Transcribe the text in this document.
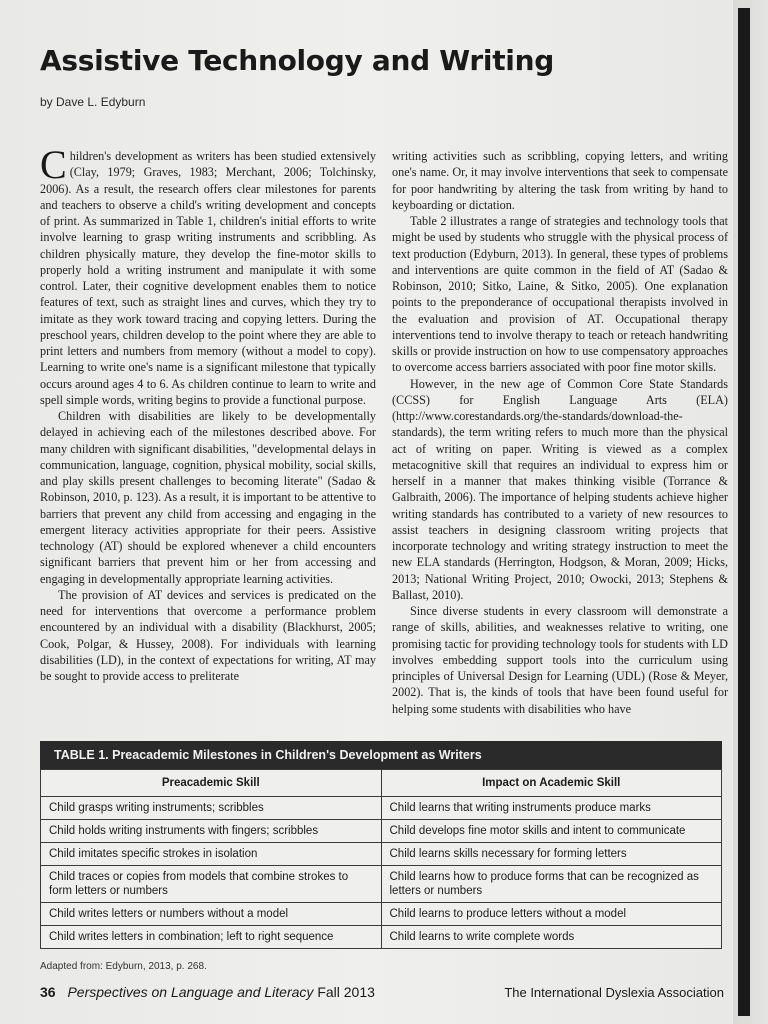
Assistive Technology and Writing
by Dave L. Edyburn

Children's development as writers has been studied extensively (Clay, 1979; Graves, 1983; Merchant, 2006; Tolchinsky, 2006). As a result, the research offers clear milestones for parents and teachers to observe a child's writing development and concepts of print. As summarized in Table 1, children's initial efforts to write involve learning to grasp writing instruments and scribbling. As children physically mature, they develop the fine-motor skills to properly hold a writing instrument and manipulate it with some control. Later, their cognitive development enables them to notice features of text, such as straight lines and curves, which they try to imitate as they work toward tracing and copying letters. During the preschool years, children develop to the point where they are able to print letters and numbers from memory (without a model to copy). Learning to write one's name is a significant milestone that typically occurs around ages 4 to 6. As children continue to learn to write and spell simple words, writing begins to provide a functional purpose.

Children with disabilities are likely to be developmentally delayed in achieving each of the milestones described above. For many children with significant disabilities, "developmental delays in communication, language, cognition, physical mobility, social skills, and play skills present challenges to becoming literate" (Sadao & Robinson, 2010, p. 123). As a result, it is important to be attentive to barriers that prevent any child from accessing and engaging in the emergent literacy activities appropriate for their peers. Assistive technology (AT) should be explored whenever a child encounters significant barriers that prevent him or her from accessing and engaging in developmentally appropriate learning activities.

The provision of AT devices and services is predicated on the need for interventions that overcome a performance problem encountered by an individual with a disability (Blackhurst, 2005; Cook, Polgar, & Hussey, 2008). For individuals with learning disabilities (LD), in the context of expectations for writing, AT may be sought to provide access to preliterate

writing activities such as scribbling, copying letters, and writing one's name. Or, it may involve interventions that seek to compensate for poor handwriting by altering the task from writing by hand to keyboarding or dictation.

Table 2 illustrates a range of strategies and technology tools that might be used by students who struggle with the physical process of text production (Edyburn, 2013). In general, these types of problems and interventions are quite common in the field of AT (Sadao & Robinson, 2010; Sitko, Laine, & Sitko, 2005). One explanation points to the preponderance of occupational therapists involved in the evaluation and provision of AT. Occupational therapy interventions tend to involve therapy to teach or reteach handwriting skills or provide instruction on how to use compensatory approaches to overcome access barriers associated with poor fine motor skills.

However, in the new age of Common Core State Standards (CCSS) for English Language Arts (ELA) (http://www.corestandards.org/the-standards/download-the-standards), the term writing refers to much more than the physical act of writing on paper. Writing is viewed as a complex metacognitive skill that requires an individual to express him or herself in a manner that makes thinking visible (Torrance & Galbraith, 2006). The importance of helping students achieve higher writing standards has contributed to a variety of new resources to assist teachers in designing classroom writing projects that incorporate technology and writing strategy instruction to meet the new ELA standards (Herrington, Hodgson, & Moran, 2009; Hicks, 2013; National Writing Project, 2010; Owocki, 2013; Stephens & Ballast, 2010).

Since diverse students in every classroom will demonstrate a range of skills, abilities, and weaknesses relative to writing, one promising tactic for providing technology tools for students with LD involves embedding support tools into the curriculum using principles of Universal Design for Learning (UDL) (Rose & Meyer, 2002). That is, the kinds of tools that have been found useful for helping some students with disabilities who have

TABLE 1. Preacademic Milestones in Children's Development as Writers
Preacademic Skill	Impact on Academic Skill
Child grasps writing instruments; scribbles	Child learns that writing instruments produce marks
Child holds writing instruments with fingers; scribbles	Child develops fine motor skills and intent to communicate
Child imitates specific strokes in isolation	Child learns skills necessary for forming letters
Child traces or copies from models that combine strokes to form letters or numbers	Child learns how to produce forms that can be recognized as letters or numbers
Child writes letters or numbers without a model	Child learns to produce letters without a model
Child writes letters in combination; left to right sequence	Child learns to write complete words
Adapted from: Edyburn, 2013, p. 268.
36 Perspectives on Language and Literacy Fall 2013	The International Dyslexia Association
